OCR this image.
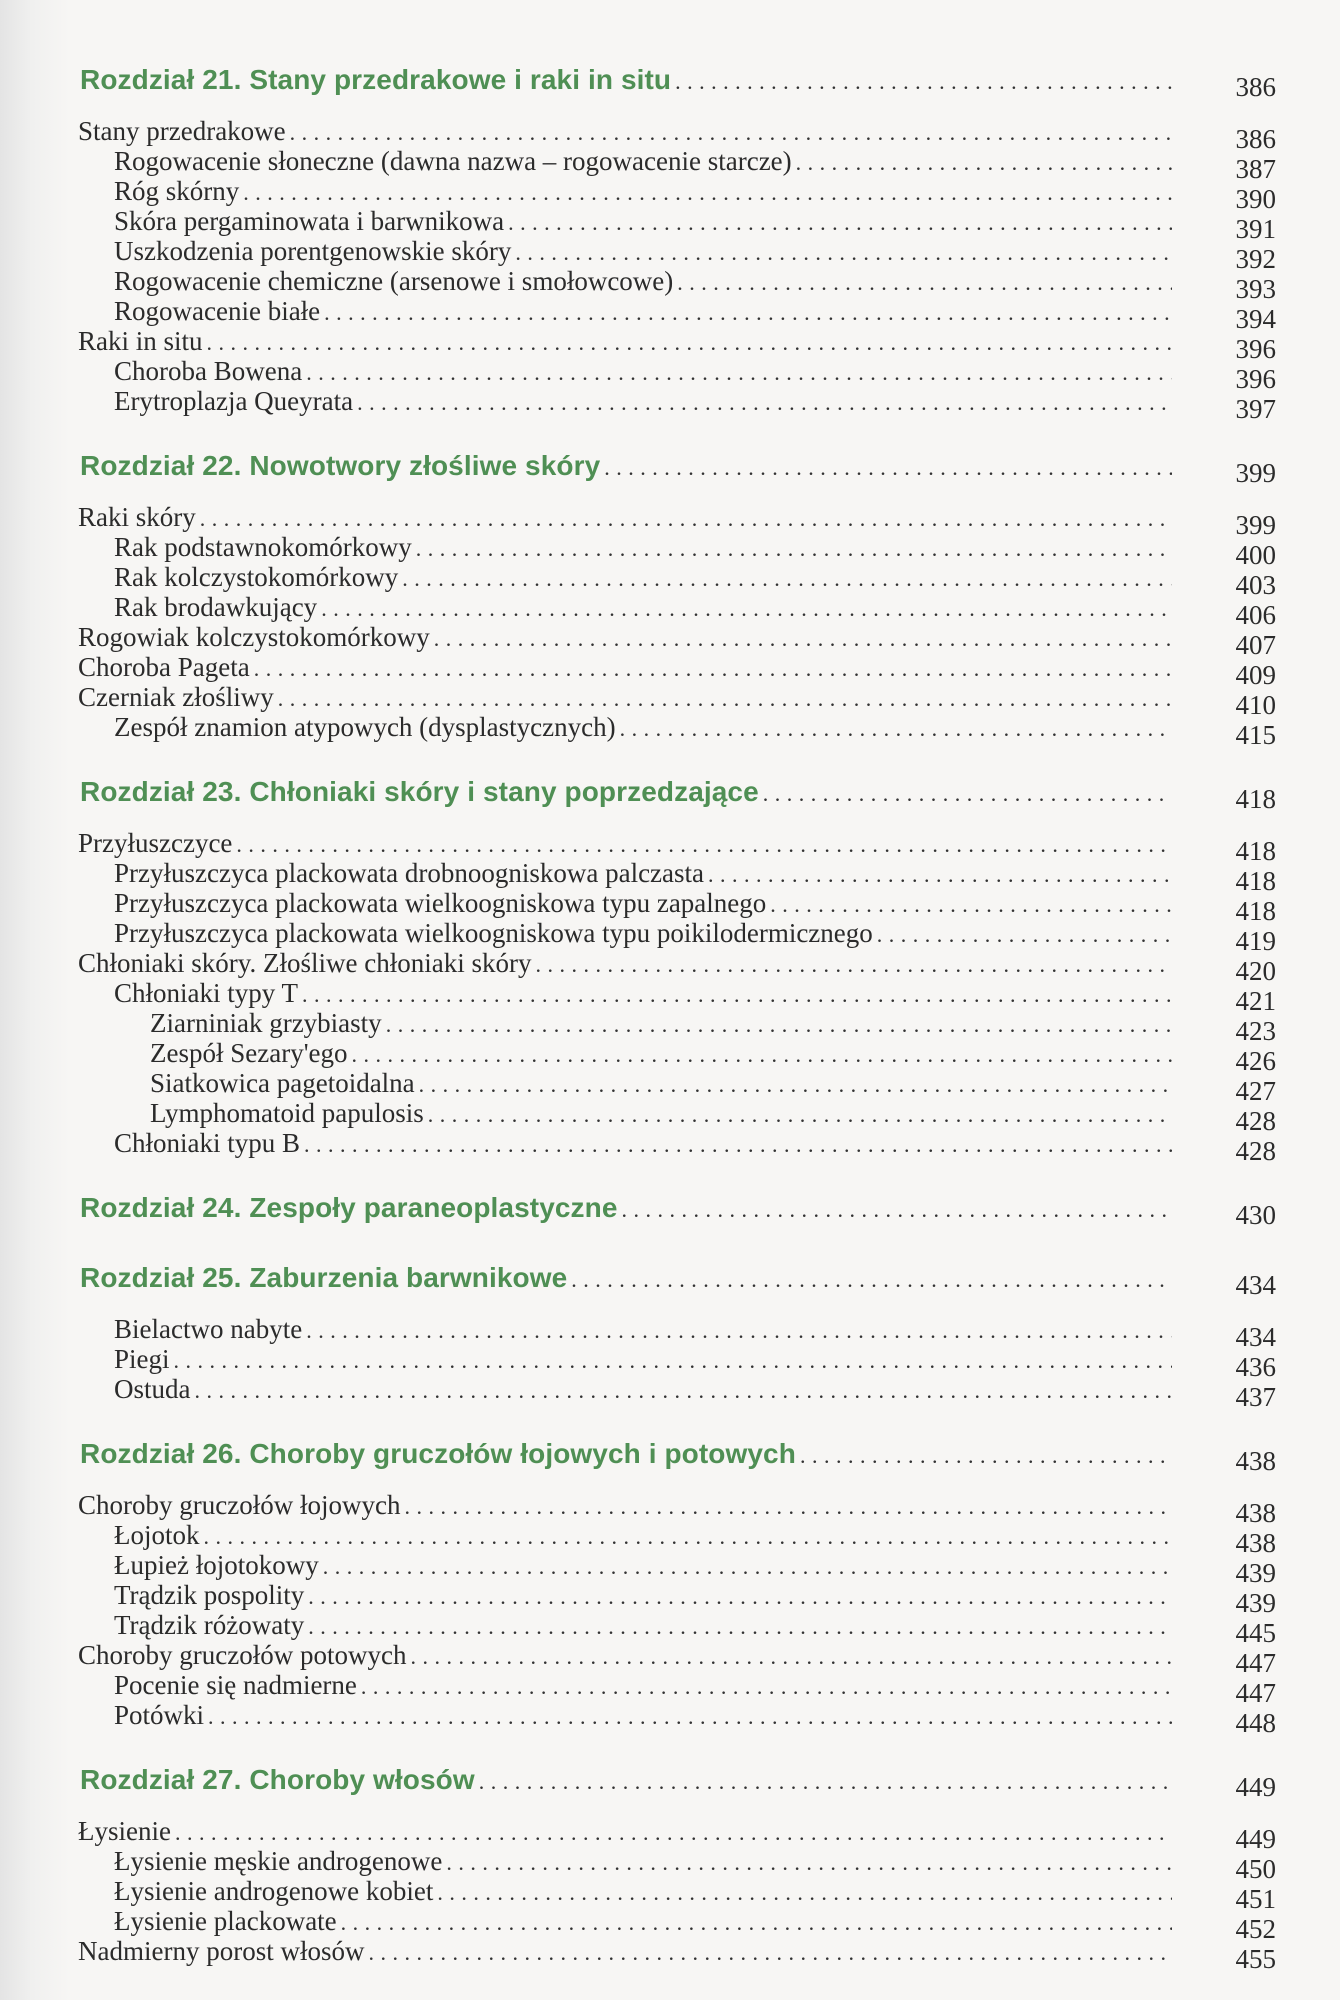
Rozdział 21. Stany przedrakowe i raki in situ .....	386
Stany przedrakowe .....	386
Rogowacenie słoneczne (dawna nazwa – rogowacenie starcze) .....	387
Róg skórny .....	390
Skóra pergaminowata i barwnikowa .....	391
Uszkodzenia porentgenowskie skóry .....	392
Rogowacenie chemiczne (arsenowe i smołowcowe) .....	393
Rogowacenie białe .....	394
Raki in situ .....	396
Choroba Bowena .....	396
Erytroplazja Queyrata .....	397
Rozdział 22. Nowotwory złośliwe skóry .....	399
Raki skóry .....	399
Rak podstawnokomórkowy .....	400
Rak kolczystokomórkowy .....	403
Rak brodawkujący .....	406
Rogowiak kolczystokomórkowy .....	407
Choroba Pageta .....	409
Czerniak złośliwy .....	410
Zespół znamion atypowych (dysplastycznych) .....	415
Rozdział 23. Chłoniaki skóry i stany poprzedzające .....	418
Przyłuszczyce .....	418
Przyłuszczyca plackowata drobnoogniskowa palczasta .....	418
Przyłuszczyca plackowata wielkoogniskowa typu zapalnego .....	418
Przyłuszczyca plackowata wielkoogniskowa typu poikilodermicznego .....	419
Chłoniaki skóry. Złośliwe chłoniaki skóry .....	420
Chłoniaki typy T .....	421
Ziarniniak grzybiasty .....	423
Zespół Sezary'ego .....	426
Siatkowica pagetoidalna .....	427
Lymphomatoid papulosis .....	428
Chłoniaki typu B .....	428
Rozdział 24. Zespoły paraneoplastyczne .....	430
Rozdział 25. Zaburzenia barwnikowe .....	434
Bielactwo nabyte .....	434
Piegi .....	436
Ostuda .....	437
Rozdział 26. Choroby gruczołów łojowych i potowych .....	438
Choroby gruczołów łojowych .....	438
Łojotok .....	438
Łupież łojotokowy .....	439
Trądzik pospolity .....	439
Trądzik różowaty .....	445
Choroby gruczołów potowych .....	447
Pocenie się nadmierne .....	447
Potówki .....	448
Rozdział 27. Choroby włosów .....	449
Łysienie .....	449
Łysienie męskie androgenowe .....	450
Łysienie androgenowe kobiet .....	451
Łysienie plackowate .....	452
Nadmierny porost włosów .....	455
